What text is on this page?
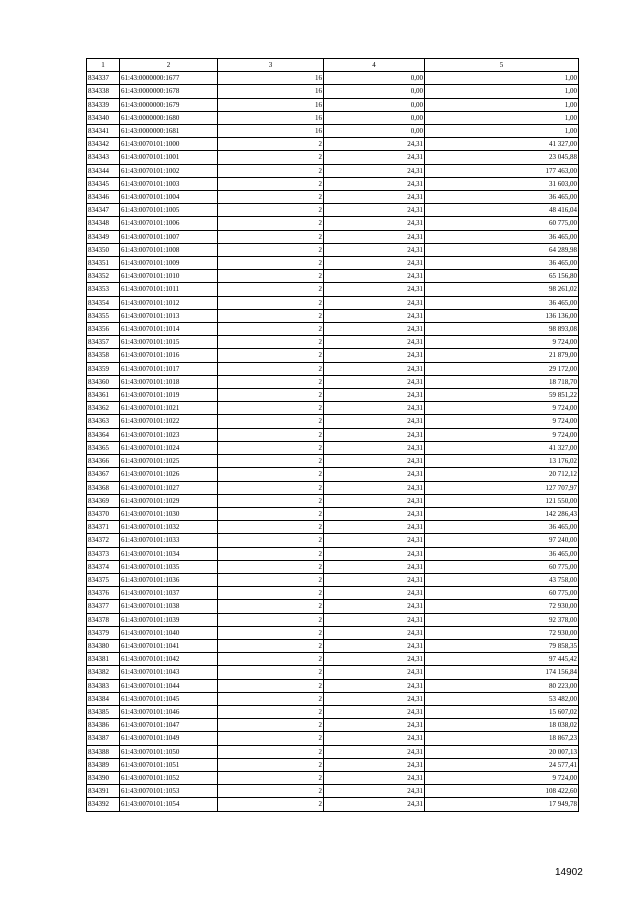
1	2	3	4	5
834337	61:43:0000000:1677	16	0,00	1,00
834338	61:43:0000000:1678	16	0,00	1,00
834339	61:43:0000000:1679	16	0,00	1,00
834340	61:43:0000000:1680	16	0,00	1,00
834341	61:43:0000000:1681	16	0,00	1,00
834342	61:43:0070101:1000	2	24,31	41 327,00
834343	61:43:0070101:1001	2	24,31	23 045,88
834344	61:43:0070101:1002	2	24,31	177 463,00
834345	61:43:0070101:1003	2	24,31	31 603,00
834346	61:43:0070101:1004	2	24,31	36 465,00
834347	61:43:0070101:1005	2	24,31	48 416,04
834348	61:43:0070101:1006	2	24,31	60 775,00
834349	61:43:0070101:1007	2	24,31	36 465,00
834350	61:43:0070101:1008	2	24,31	64 289,98
834351	61:43:0070101:1009	2	24,31	36 465,00
834352	61:43:0070101:1010	2	24,31	65 156,80
834353	61:43:0070101:1011	2	24,31	98 261,02
834354	61:43:0070101:1012	2	24,31	36 465,00
834355	61:43:0070101:1013	2	24,31	136 136,00
834356	61:43:0070101:1014	2	24,31	98 893,08
834357	61:43:0070101:1015	2	24,31	9 724,00
834358	61:43:0070101:1016	2	24,31	21 879,00
834359	61:43:0070101:1017	2	24,31	29 172,00
834360	61:43:0070101:1018	2	24,31	18 718,70
834361	61:43:0070101:1019	2	24,31	59 851,22
834362	61:43:0070101:1021	2	24,31	9 724,00
834363	61:43:0070101:1022	2	24,31	9 724,00
834364	61:43:0070101:1023	2	24,31	9 724,00
834365	61:43:0070101:1024	2	24,31	41 327,00
834366	61:43:0070101:1025	2	24,31	13 176,02
834367	61:43:0070101:1026	2	24,31	20 712,12
834368	61:43:0070101:1027	2	24,31	127 707,97
834369	61:43:0070101:1029	2	24,31	121 550,00
834370	61:43:0070101:1030	2	24,31	142 286,43
834371	61:43:0070101:1032	2	24,31	36 465,00
834372	61:43:0070101:1033	2	24,31	97 240,00
834373	61:43:0070101:1034	2	24,31	36 465,00
834374	61:43:0070101:1035	2	24,31	60 775,00
834375	61:43:0070101:1036	2	24,31	43 758,00
834376	61:43:0070101:1037	2	24,31	60 775,00
834377	61:43:0070101:1038	2	24,31	72 930,00
834378	61:43:0070101:1039	2	24,31	92 378,00
834379	61:43:0070101:1040	2	24,31	72 930,00
834380	61:43:0070101:1041	2	24,31	79 858,35
834381	61:43:0070101:1042	2	24,31	97 445,42
834382	61:43:0070101:1043	2	24,31	174 156,84
834383	61:43:0070101:1044	2	24,31	80 223,00
834384	61:43:0070101:1045	2	24,31	53 482,00
834385	61:43:0070101:1046	2	24,31	15 607,02
834386	61:43:0070101:1047	2	24,31	18 038,02
834387	61:43:0070101:1049	2	24,31	18 867,23
834388	61:43:0070101:1050	2	24,31	20 007,13
834389	61:43:0070101:1051	2	24,31	24 577,41
834390	61:43:0070101:1052	2	24,31	9 724,00
834391	61:43:0070101:1053	2	24,31	108 422,60
834392	61:43:0070101:1054	2	24,31	17 949,78
14902
